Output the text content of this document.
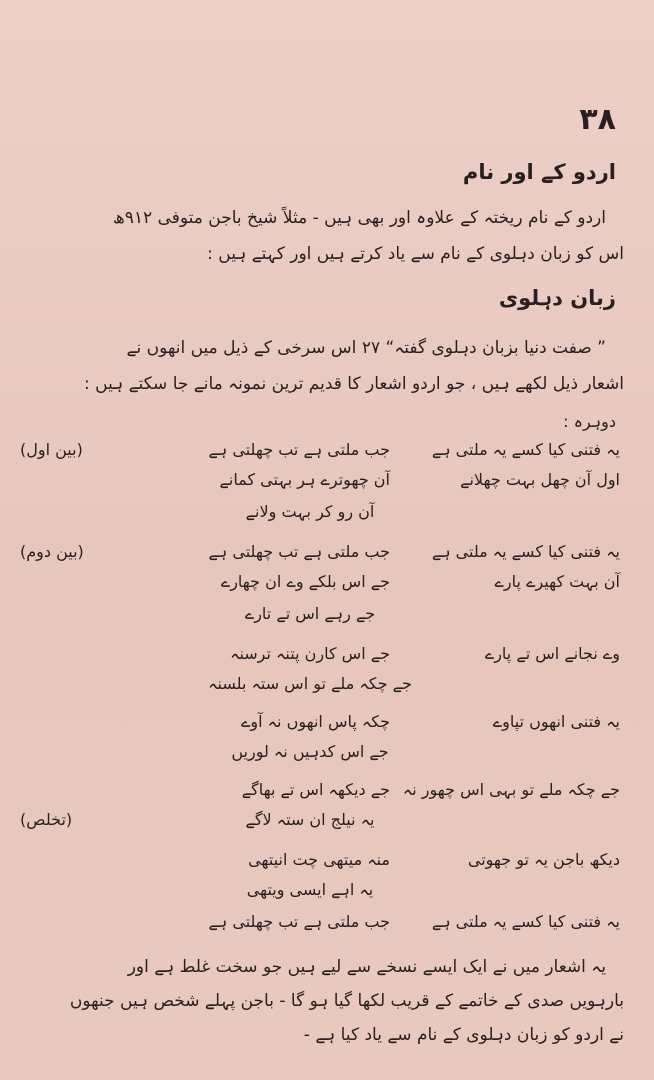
۳۸
اردو کے اور نام
اردو کے نام ریختہ کے علاوہ اور بھی ہیں - مثلاً شیخ باجن متوفی ۹۱۲ھ
اس کو زبان دہلوی کے نام سے یاد کرتے ہیں اور کہتے ہیں :
زبان دہلوی
” صفت دنیا بزبان دہلوی گفتہ“ ۲۷ اس سرخی کے ذیل میں انھوں نے
اشعار ذیل لکھے ہیں ، جو اردو اشعار کا قدیم ترین نمونہ مانے جا سکتے ہیں :
دوہرہ :
یہ فتنی کیا کسے یہ ملتی ہے
جب ملتی ہے تب چھلتی ہے
(بین اول)
اول آن چھل بہت چھلانے
آن چھوترے ہر بہتی کمانے
آن رو کر بہت ولانے
یہ فتنی کیا کسے یہ ملتی ہے
جب ملتی ہے تب چھلتی ہے
(بین دوم)
آن بہت کھیرے پارے
جے اس بلکے وے ان چھارے
جے رہے اس تے تارے
وے نجانے اس تے پارے
جے اس کارن پتنہ ترسنہ
جے چکہ ملے تو اس ستہ بلسنہ
یہ فتنی انھوں تپاوے
چکہ پاس انھوں نہ آوے
جے اس کدہیں نہ لوریں
جے چکہ ملے تو بہی اس چھور نہ
جے دیکھہ اس تے بھاگے
یہ نیلج ان ستہ لاگے
(تخلص)
دیکھ باجن یہ تو جھوتی
منہ میتھی چت انیتھی
یہ اہے ایسی ویتھی
یہ فتنی کیا کسے یہ ملتی ہے
جب ملتی ہے تب چھلتی ہے
یہ اشعار میں نے ایک ایسے نسخے سے لیے ہیں جو سخت غلط ہے اور
بارہویں صدی کے خاتمے کے قریب لکھا گیا ہو گا - باجن پہلے شخص ہیں جنھوں
نے اردو کو زبان دہلوی کے نام سے یاد کیا ہے -
